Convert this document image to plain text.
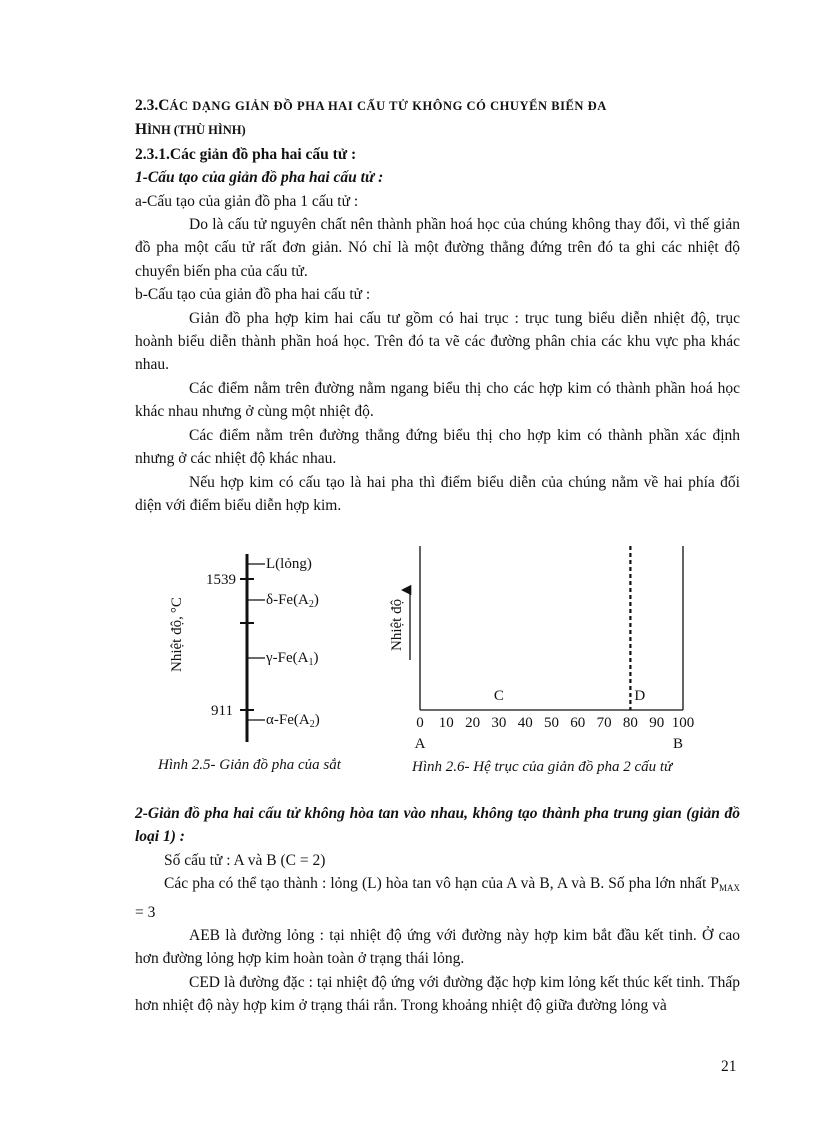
2.3.CÁC DẠNG GIẢN ĐỒ PHA HAI CẤU TỬ KHÔNG CÓ CHUYỂN BIẾN ĐA

HÌNH (THÙ HÌNH)

2.3.1.Các giản đồ pha hai cấu tử :

1-Cấu tạo của giản đồ pha hai cấu tử :

a-Cấu tạo của giản đồ pha 1 cấu tử :

Do là cấu tử nguyên chất nên thành phần hoá học của chúng không thay đổi, vì thế giản đồ pha một cấu tử rất đơn giản. Nó chỉ là một đường thẳng đứng trên đó ta ghi các nhiệt độ chuyển biến pha của cấu tử.

b-Cấu tạo của giản đồ pha hai cấu tử :

Giản đồ pha hợp kim hai cấu tư gồm có hai trục : trục tung biểu diễn nhiệt độ, trục hoành biểu diễn thành phần hoá học. Trên đó ta vẽ các đường phân chia các khu vực pha khác nhau.

Các điểm nằm trên đường nằm ngang biểu thị cho các hợp kim có thành phần hoá học khác nhau nhưng ở cùng một nhiệt độ.

Các điểm nằm trên đường thẳng đứng biểu thị cho hợp kim có thành phần xác định nhưng ở các nhiệt độ khác nhau.

Nếu hợp kim có cấu tạo là hai pha thì điểm biểu diễn của chúng nằm về hai phía đối diện với điểm biểu diễn hợp kim.

Nhiệt độ,°C
1539
911
L(lỏng)
$\delta-Fe(A_2)$
$\gamma-Fe(A_1)$
$\alpha-Fe(A_2)$
Hình 2.5- Giản đồ pha của sắt
Nhiệt độ
C	D
0 10 20 30 40 50 60 70 80 90 100
A	B
Hình 2.6- Hệ trục của giản đồ pha 2 cấu tử

2-Giản đồ pha hai cấu tử không hòa tan vào nhau, không tạo thành pha trung gian (giản đồ loại 1) :

Số cấu tử : A và B (C = 2)

Các pha có thể tạo thành : lỏng (L) hòa tan vô hạn của A và B, A và B. Số pha lớn nhất PMAX = 3

AEB là đường lỏng : tại nhiệt độ ứng với đường này hợp kim bắt đầu kết tinh. Ở cao hơn đường lỏng hợp kim hoàn toàn ở trạng thái lỏng.

CED là đường đặc : tại nhiệt độ ứng với đường đặc hợp kim lỏng kết thúc kết tinh. Thấp hơn nhiệt độ này hợp kim ở trạng thái rắn. Trong khoảng nhiệt độ giữa đường lỏng và

21
